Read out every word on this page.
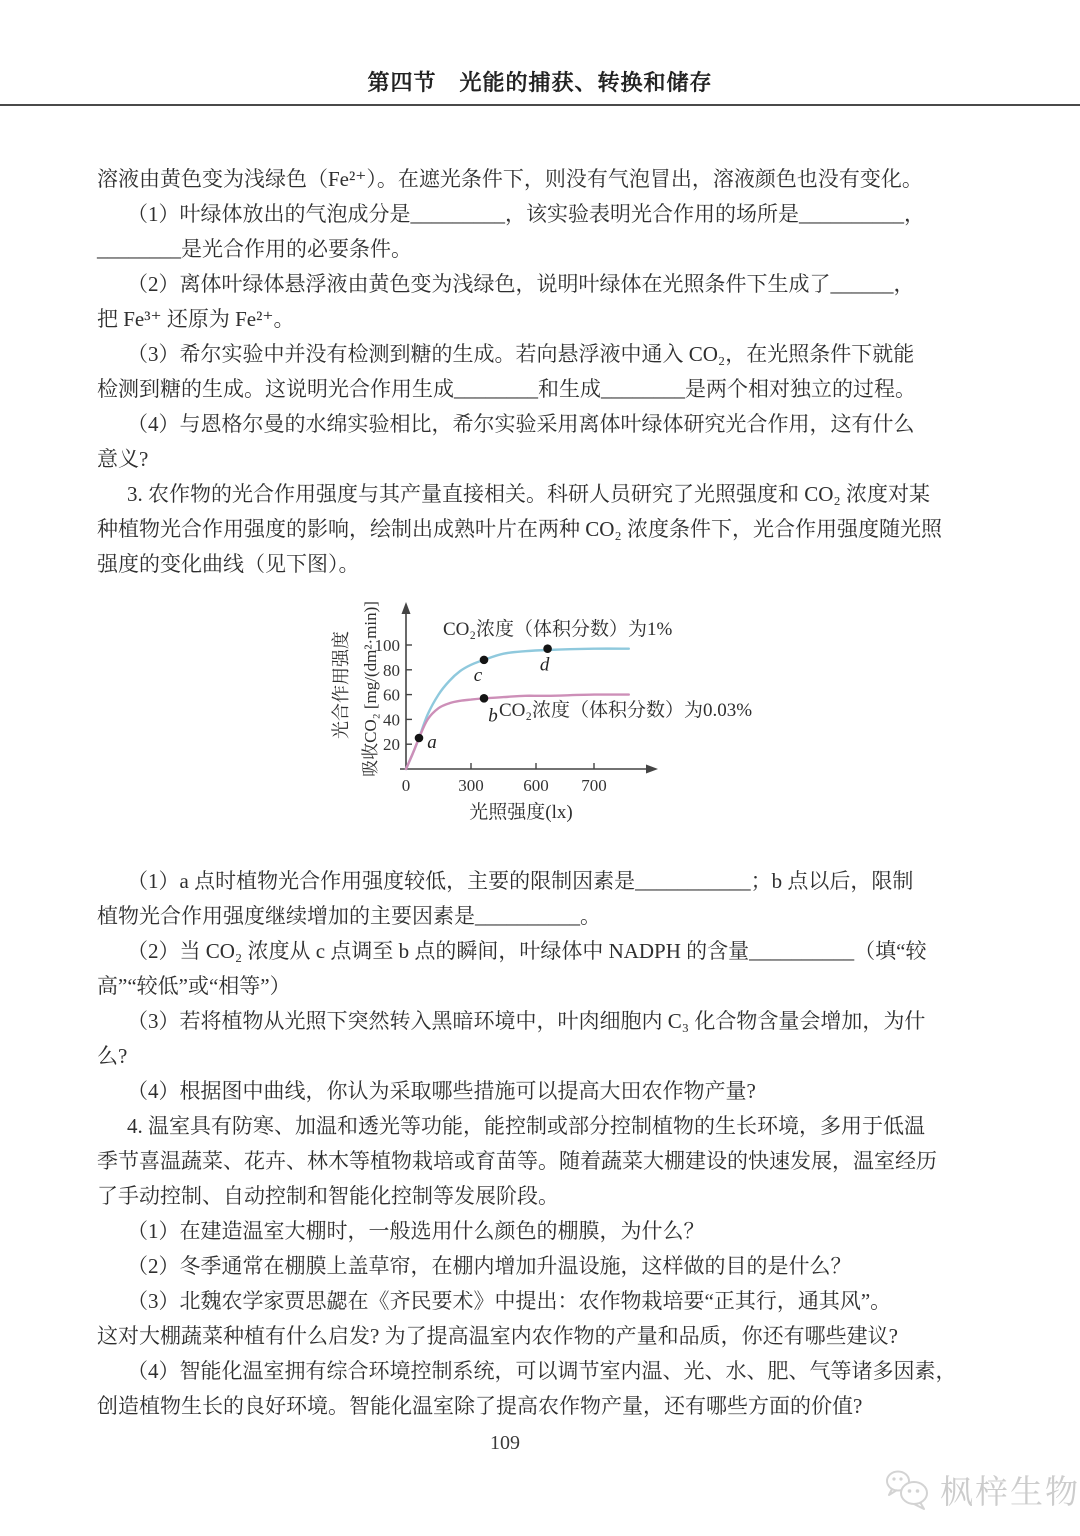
第四节　光能的捕获、转换和储存
溶液由黄色变为浅绿色（Fe²⁺）。在遮光条件下，则没有气泡冒出，溶液颜色也没有变化。
（1）叶绿体放出的气泡成分是_________，该实验表明光合作用的场所是__________，
________是光合作用的必要条件。
（2）离体叶绿体悬浮液由黄色变为浅绿色，说明叶绿体在光照条件下生成了______，
把 Fe³⁺ 还原为 Fe²⁺。
（3）希尔实验中并没有检测到糖的生成。若向悬浮液中通入 CO₂，在光照条件下就能
检测到糖的生成。这说明光合作用生成________和生成________是两个相对独立的过程。
（4）与恩格尔曼的水绵实验相比，希尔实验采用离体叶绿体研究光合作用，这有什么
意义?
3. 农作物的光合作用强度与其产量直接相关。科研人员研究了光照强度和 CO₂ 浓度对某
种植物光合作用强度的影响，绘制出成熟叶片在两种 CO₂ 浓度条件下，光合作用强度随光照
强度的变化曲线（见下图）。
a
b
c	d
0	300 600 700
20
40
60
80
100
CO₂浓度（体积分数）为1%
CO₂浓度（体积分数）为0.03%
光照强度(lx)
光合作用强度 吸收CO₂ [mg/(dm²·min)]
（1）a 点时植物光合作用强度较低，主要的限制因素是___________；b 点以后，限制
植物光合作用强度继续增加的主要因素是__________。
（2）当 CO₂ 浓度从 c 点调至 b 点的瞬间，叶绿体中 NADPH 的含量__________（填“较
高”“较低”或“相等”）
（3）若将植物从光照下突然转入黑暗环境中，叶肉细胞内 C₃ 化合物含量会增加，为什
么?
（4）根据图中曲线，你认为采取哪些措施可以提高大田农作物产量?
4. 温室具有防寒、加温和透光等功能，能控制或部分控制植物的生长环境，多用于低温
季节喜温蔬菜、花卉、林木等植物栽培或育苗等。随着蔬菜大棚建设的快速发展，温室经历
了手动控制、自动控制和智能化控制等发展阶段。
（1）在建造温室大棚时，一般选用什么颜色的棚膜，为什么？
（2）冬季通常在棚膜上盖草帘，在棚内增加升温设施，这样做的目的是什么？
（3）北魏农学家贾思勰在《齐民要术》中提出：农作物栽培要“正其行，通其风”。
这对大棚蔬菜种植有什么启发? 为了提高温室内农作物的产量和品质，你还有哪些建议?
（4）智能化温室拥有综合环境控制系统，可以调节室内温、光、水、肥、气等诸多因素，
创造植物生长的良好环境。智能化温室除了提高农作物产量，还有哪些方面的价值?
109
枫梓生物
